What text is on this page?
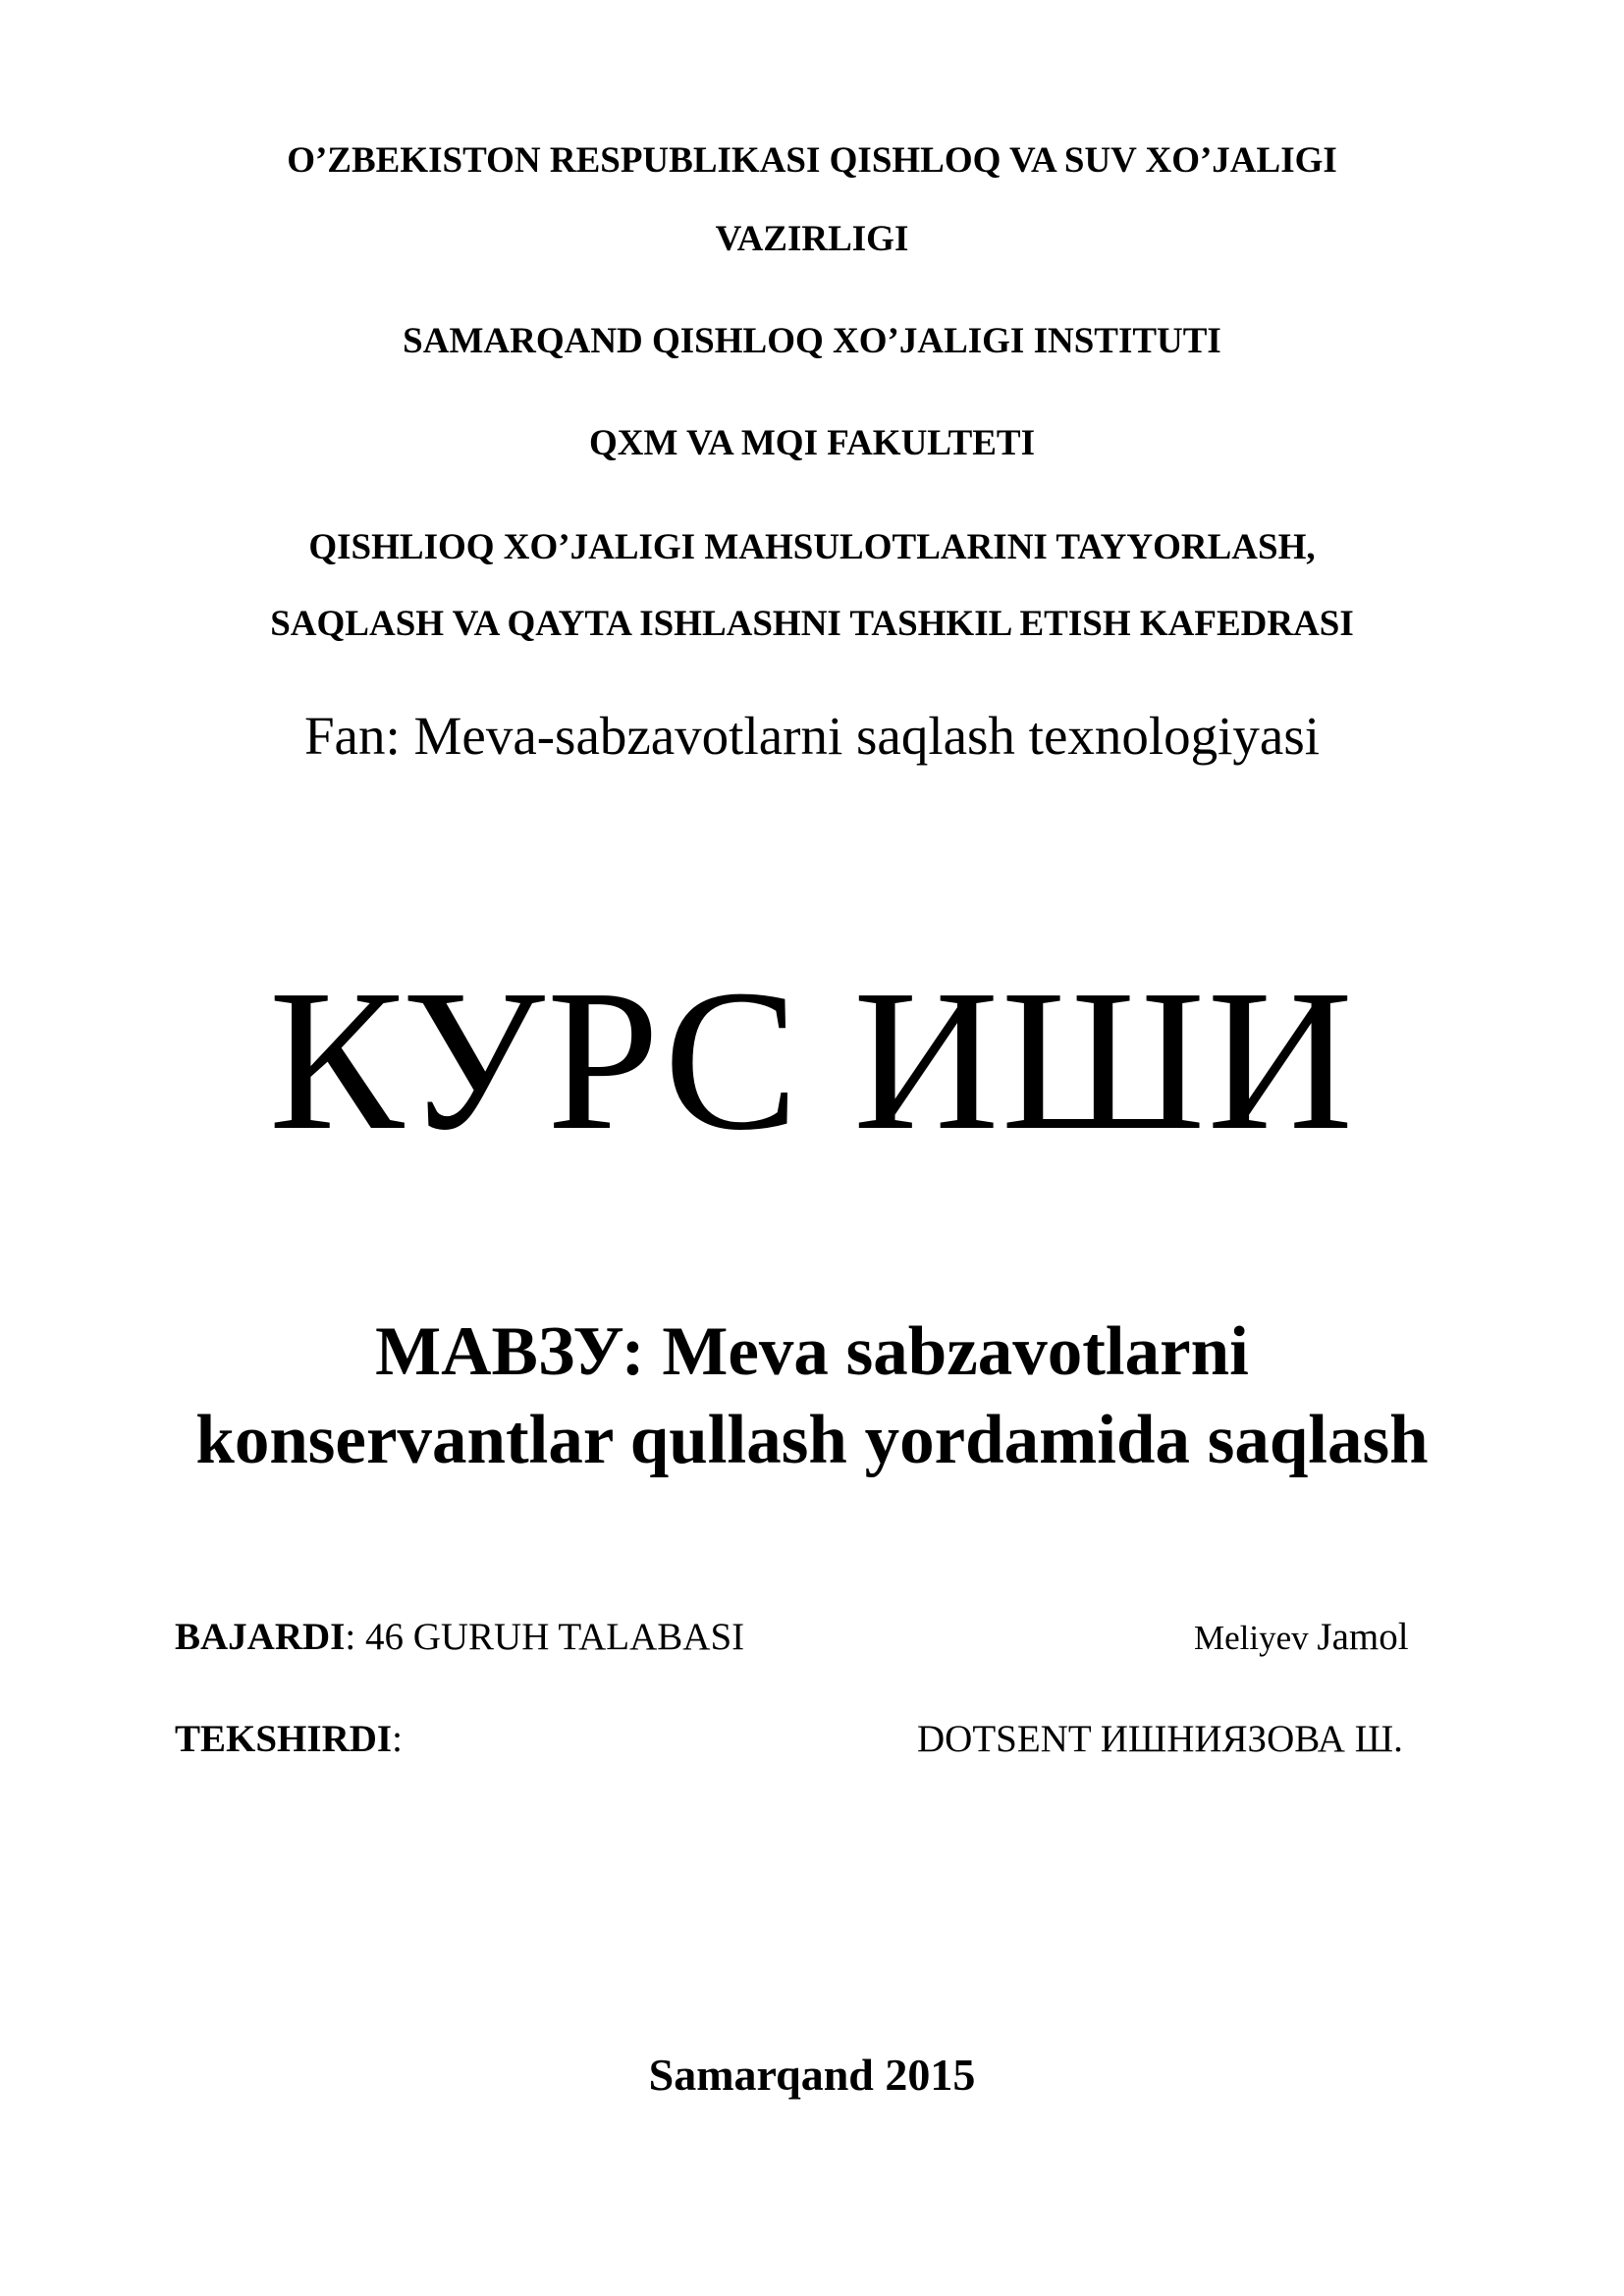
O’ZBEKISTON RESPUBLIKASI QISHLOQ VA SUV XO’JALIGI
VAZIRLIGI
SAMARQAND QISHLOQ XO’JALIGI INSTITUTI
QXM VA MQI FAKULTETI
QISHLIOQ XO’JALIGI MAHSULOTLARINI TAYYORLASH,
SAQLASH VA QAYTA ISHLASHNI TASHKIL ETISH KAFEDRASI
Fan: Meva-sabzavotlarni saqlash texnologiyasi
КУРС ИШИ
МАВЗУ: Meva sabzavotlarni
konservantlar qullash yordamida saqlash
BAJARDI: 46 GURUH TALABASI	Meliyev Jamol
TEKSHIRDI:	DOTSENT ИШНИЯЗОВА Ш.
Samarqand 2015
